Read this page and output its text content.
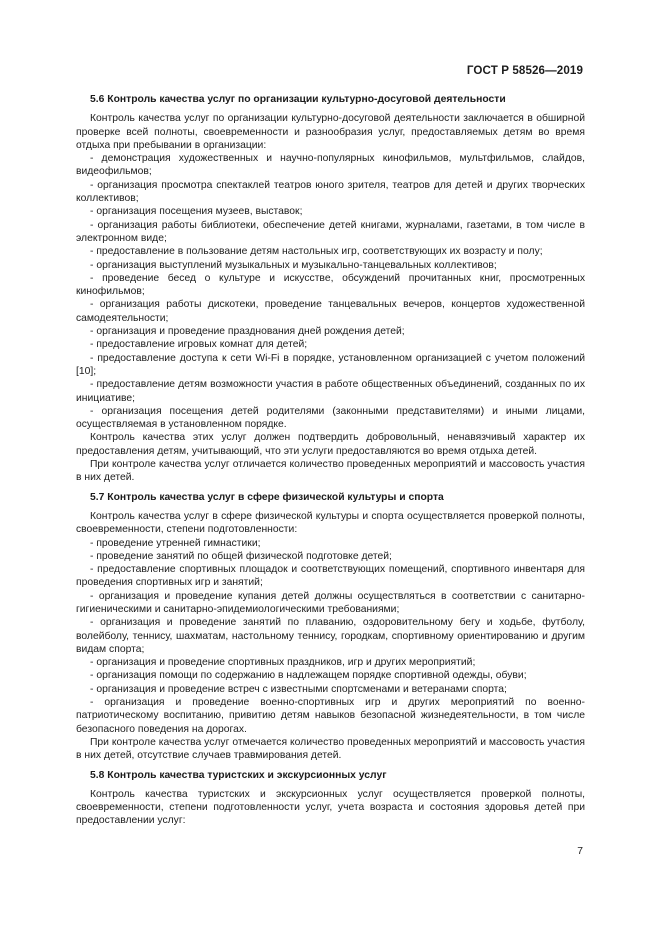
ГОСТ Р 58526—2019
5.6 Контроль качества услуг по организации культурно-досуговой деятельности

Контроль качества услуг по организации культурно-досуговой деятельности заключается в обширной проверке всей полноты, своевременности и разнообразия услуг, предоставляемых детям во время отдыха при пребывании в организации:

- демонстрация художественных и научно-популярных кинофильмов, мультфильмов, слайдов, видеофильмов;

- организация просмотра спектаклей театров юного зрителя, театров для детей и других творческих коллективов;

- организация посещения музеев, выставок;

- организация работы библиотеки, обеспечение детей книгами, журналами, газетами, в том числе в электронном виде;

- предоставление в пользование детям настольных игр, соответствующих их возрасту и полу;

- организация выступлений музыкальных и музыкально-танцевальных коллективов;

- проведение бесед о культуре и искусстве, обсуждений прочитанных книг, просмотренных кинофильмов;

- организация работы дискотеки, проведение танцевальных вечеров, концертов художественной самодеятельности;

- организация и проведение празднования дней рождения детей;

- предоставление игровых комнат для детей;

- предоставление доступа к сети Wi-Fi в порядке, установленном организацией с учетом положений [10];

- предоставление детям возможности участия в работе общественных объединений, созданных по их инициативе;

- организация посещения детей родителями (законными представителями) и иными лицами, осуществляемая в установленном порядке.

Контроль качества этих услуг должен подтвердить добровольный, ненавязчивый характер их предоставления детям, учитывающий, что эти услуги предоставляются во время отдыха детей.

При контроле качества услуг отличается количество проведенных мероприятий и массовость участия в них детей.

5.7 Контроль качества услуг в сфере физической культуры и спорта

Контроль качества услуг в сфере физической культуры и спорта осуществляется проверкой полноты, своевременности, степени подготовленности:

- проведение утренней гимнастики;

- проведение занятий по общей физической подготовке детей;

- предоставление спортивных площадок и соответствующих помещений, спортивного инвентаря для проведения спортивных игр и занятий;

- организация и проведение купания детей должны осуществляться в соответствии с санитарно-гигиеническими и санитарно-эпидемиологическими требованиями;

- организация и проведение занятий по плаванию, оздоровительному бегу и ходьбе, футболу, волейболу, теннису, шахматам, настольному теннису, городкам, спортивному ориентированию и другим видам спорта;

- организация и проведение спортивных праздников, игр и других мероприятий;

- организация помощи по содержанию в надлежащем порядке спортивной одежды, обуви;

- организация и проведение встреч с известными спортсменами и ветеранами спорта;

- организация и проведение военно-спортивных игр и других мероприятий по военно-патриотическому воспитанию, привитию детям навыков безопасной жизнедеятельности, в том числе безопасного поведения на дорогах.

При контроле качества услуг отмечается количество проведенных мероприятий и массовость участия в них детей, отсутствие случаев травмирования детей.

5.8 Контроль качества туристских и экскурсионных услуг

Контроль качества туристских и экскурсионных услуг осуществляется проверкой полноты, своевременности, степени подготовленности услуг, учета возраста и состояния здоровья детей при предоставлении услуг:

7
